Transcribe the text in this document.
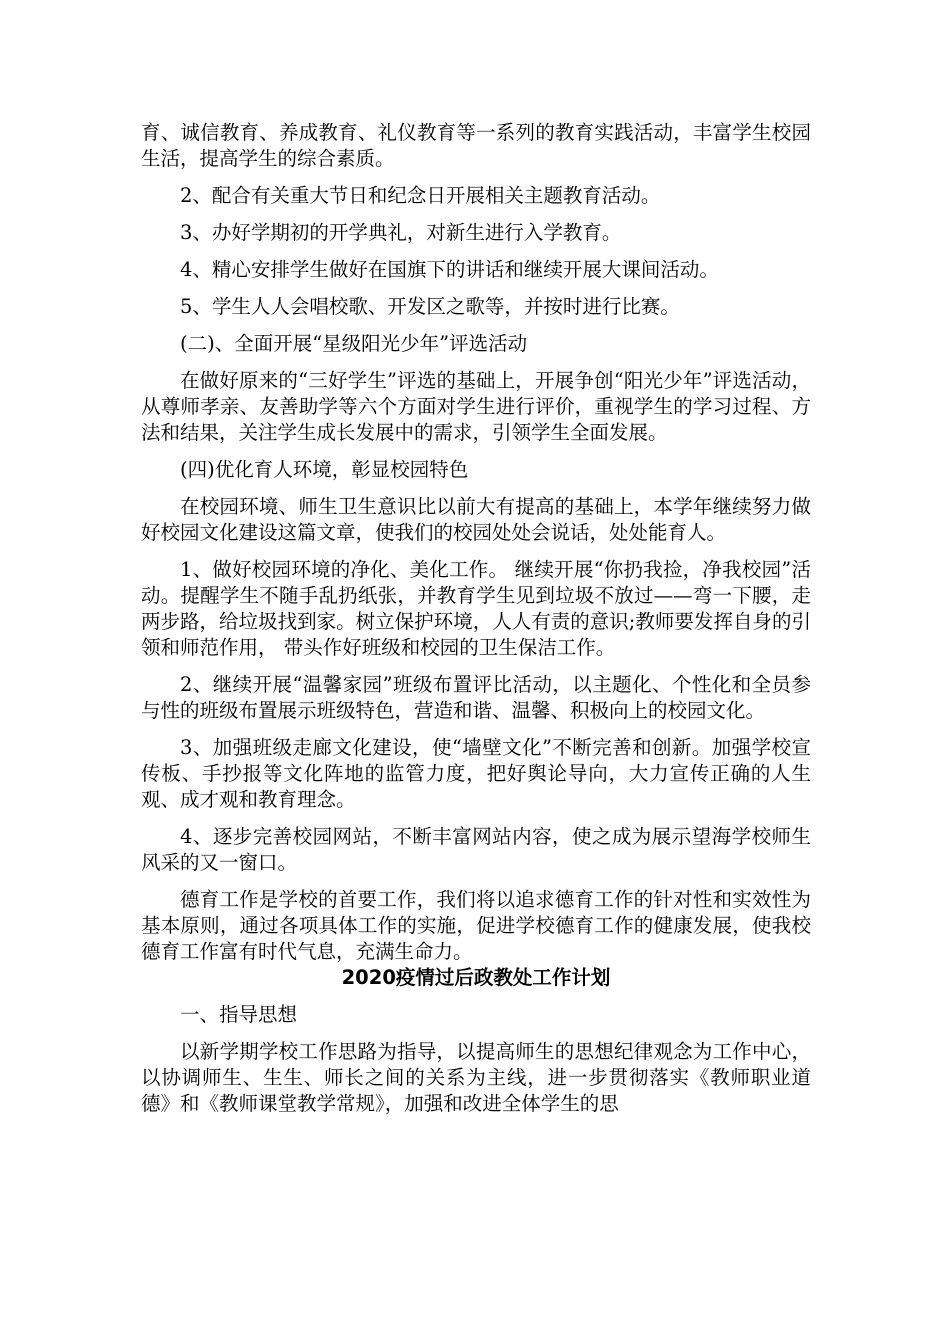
育、诚信教育、养成教育、礼仪教育等一系列的教育实践活动，丰富学生校园生活，提高学生的综合素质。

2、配合有关重大节日和纪念日开展相关主题教育活动。

3、办好学期初的开学典礼，对新生进行入学教育。

4、精心安排学生做好在国旗下的讲话和继续开展大课间活动。

5、学生人人会唱校歌、开发区之歌等，并按时进行比赛。

(二)、全面开展“星级阳光少年”评选活动

在做好原来的“三好学生”评选的基础上，开展争创“阳光少年”评选活动，从尊师孝亲、友善助学等六个方面对学生进行评价，重视学生的学习过程、方法和结果，关注学生成长发展中的需求，引领学生全面发展。

(四)优化育人环境，彰显校园特色

在校园环境、师生卫生意识比以前大有提高的基础上，本学年继续努力做好校园文化建设这篇文章，使我们的校园处处会说话，处处能育人。

1、做好校园环境的净化、美化工作。 继续开展“你扔我捡，净我校园”活动。提醒学生不随手乱扔纸张，并教育学生见到垃圾不放过——弯一下腰，走两步路，给垃圾找到家。树立保护环境，人人有责的意识;教师要发挥自身的引领和师范作用， 带头作好班级和校园的卫生保洁工作。

2、继续开展“温馨家园”班级布置评比活动，以主题化、个性化和全员参与性的班级布置展示班级特色，营造和谐、温馨、积极向上的校园文化。

3、加强班级走廊文化建设，使“墙壁文化”不断完善和创新。加强学校宣传板、手抄报等文化阵地的监管力度，把好舆论导向，大力宣传正确的人生观、成才观和教育理念。

4、逐步完善校园网站，不断丰富网站内容，使之成为展示望海学校师生风采的又一窗口。

德育工作是学校的首要工作，我们将以追求德育工作的针对性和实效性为基本原则，通过各项具体工作的实施，促进学校德育工作的健康发展，使我校德育工作富有时代气息，充满生命力。

2020疫情过后政教处工作计划

一、指导思想

以新学期学校工作思路为指导，以提高师生的思想纪律观念为工作中心，以协调师生、生生、师长之间的关系为主线，进一步贯彻落实《教师职业道德》和《教师课堂教学常规》，加强和改进全体学生的思
